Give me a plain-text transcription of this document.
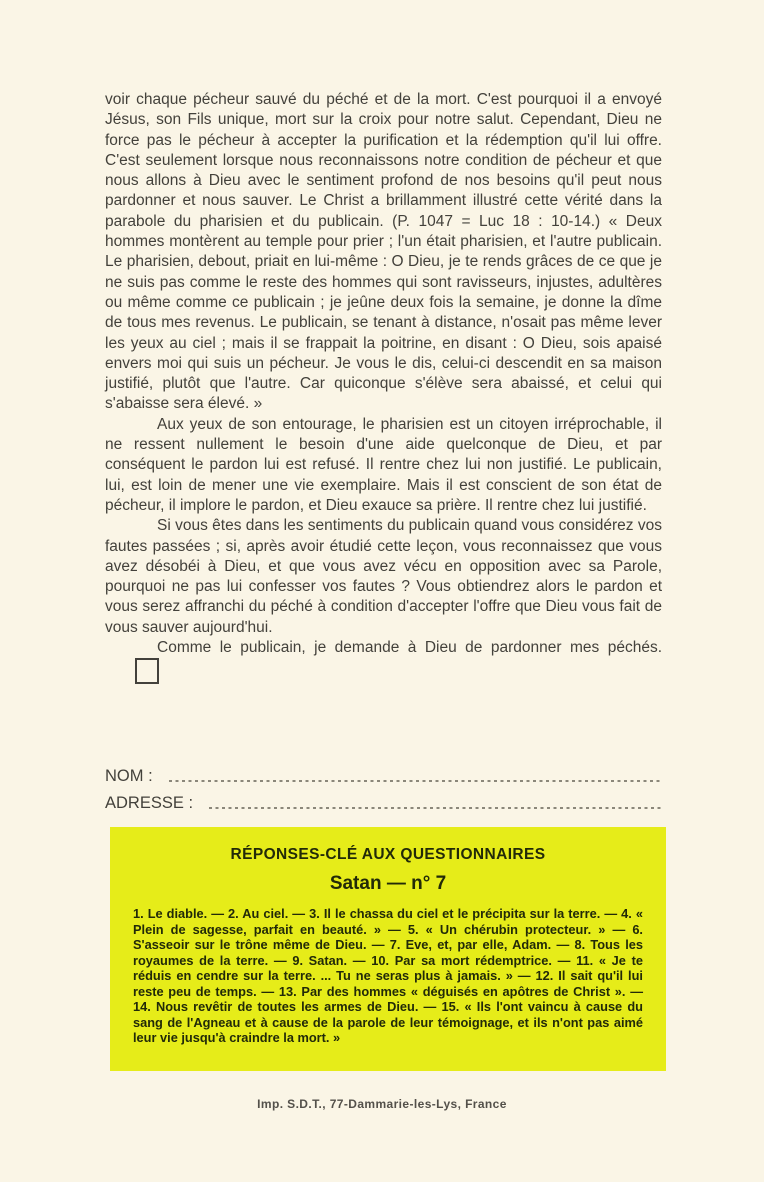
voir chaque pécheur sauvé du péché et de la mort. C'est pourquoi il a envoyé Jésus, son Fils unique, mort sur la croix pour notre salut. Cependant, Dieu ne force pas le pécheur à accepter la purification et la rédemption qu'il lui offre. C'est seulement lorsque nous reconnaissons notre condition de pécheur et que nous allons à Dieu avec le sentiment profond de nos besoins qu'il peut nous pardonner et nous sauver. Le Christ a brillamment illustré cette vérité dans la parabole du pharisien et du publicain. (P. 1047 = Luc 18 : 10-14.) « Deux hommes montèrent au temple pour prier ; l'un était pharisien, et l'autre publicain. Le pharisien, debout, priait en lui-même : O Dieu, je te rends grâces de ce que je ne suis pas comme le reste des hommes qui sont ravisseurs, injustes, adultères ou même comme ce publicain ; je jeûne deux fois la semaine, je donne la dîme de tous mes revenus. Le publicain, se tenant à distance, n'osait pas même lever les yeux au ciel ; mais il se frappait la poitrine, en disant : O Dieu, sois apaisé envers moi qui suis un pécheur. Je vous le dis, celui-ci descendit en sa maison justifié, plutôt que l'autre. Car quiconque s'élève sera abaissé, et celui qui s'abaisse sera élevé. »

Aux yeux de son entourage, le pharisien est un citoyen irréprochable, il ne ressent nullement le besoin d'une aide quelconque de Dieu, et par conséquent le pardon lui est refusé. Il rentre chez lui non justifié. Le publicain, lui, est loin de mener une vie exemplaire. Mais il est conscient de son état de pécheur, il implore le pardon, et Dieu exauce sa prière. Il rentre chez lui justifié.

Si vous êtes dans les sentiments du publicain quand vous considérez vos fautes passées ; si, après avoir étudié cette leçon, vous reconnaissez que vous avez désobéi à Dieu, et que vous avez vécu en opposition avec sa Parole, pourquoi ne pas lui confesser vos fautes ? Vous obtiendrez alors le pardon et vous serez affranchi du péché à condition d'accepter l'offre que Dieu vous fait de vous sauver aujourd'hui.

Comme le publicain, je demande à Dieu de pardonner mes péchés.

NOM :
ADRESSE :

RÉPONSES-CLÉ AUX QUESTIONNAIRES

Satan — n° 7

1. Le diable. — 2. Au ciel. — 3. Il le chassa du ciel et le précipita sur la terre. — 4. « Plein de sagesse, parfait en beauté. » — 5. « Un chérubin protecteur. » — 6. S'asseoir sur le trône même de Dieu. — 7. Eve, et, par elle, Adam. — 8. Tous les royaumes de la terre. — 9. Satan. — 10. Par sa mort rédemptrice. — 11. « Je te réduis en cendre sur la terre. ... Tu ne seras plus à jamais. » — 12. Il sait qu'il lui reste peu de temps. — 13. Par des hommes « déguisés en apôtres de Christ ». — 14. Nous revêtir de toutes les armes de Dieu. — 15. « Ils l'ont vaincu à cause du sang de l'Agneau et à cause de la parole de leur témoignage, et ils n'ont pas aimé leur vie jusqu'à craindre la mort. »

Imp. S.D.T., 77-Dammarie-les-Lys, France
